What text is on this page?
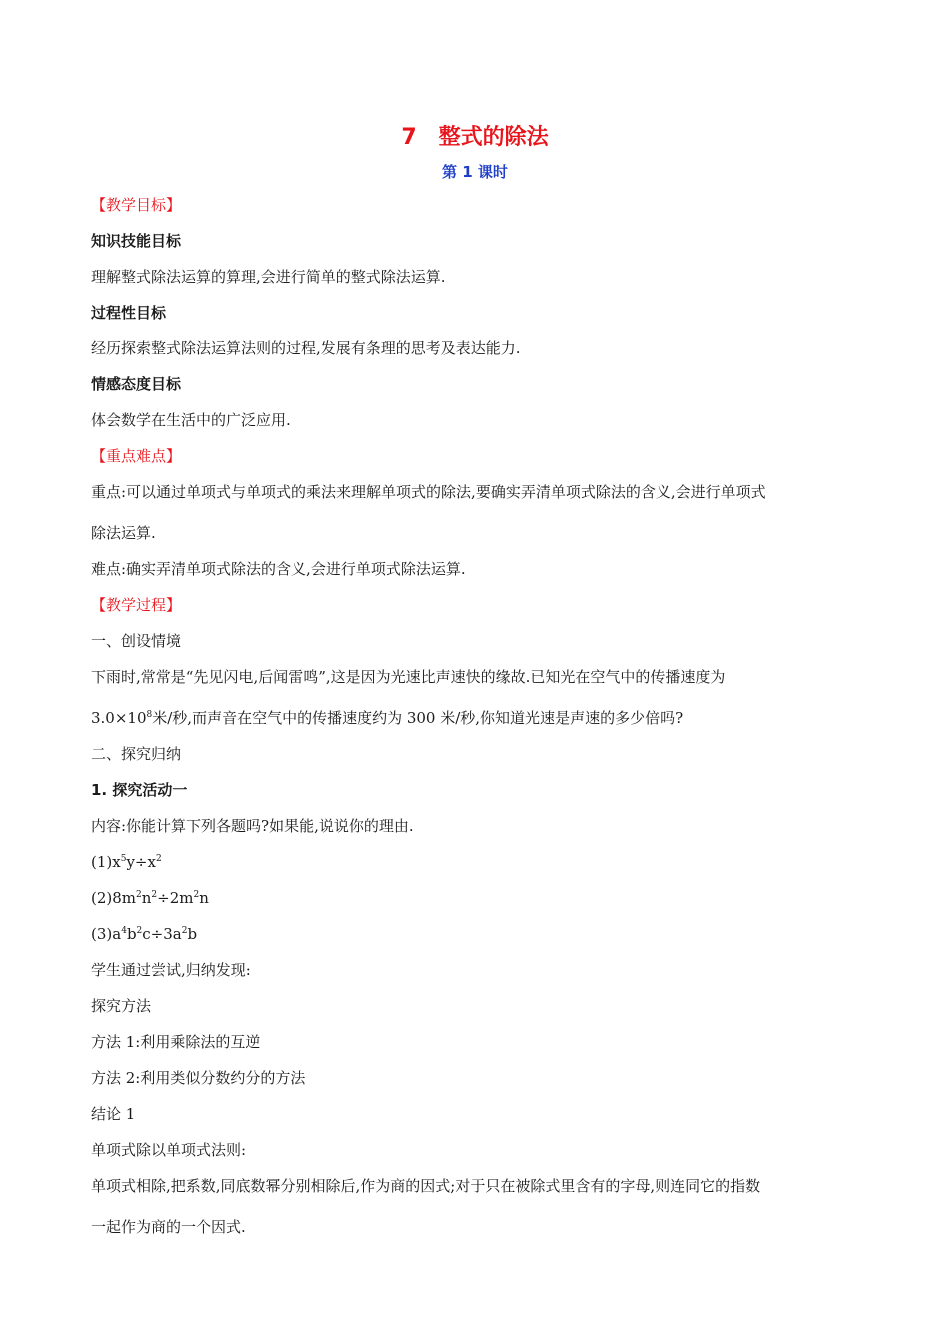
7 整式的除法
第 1 课时
【教学目标】
知识技能目标
理解整式除法运算的算理,会进行简单的整式除法运算.
过程性目标
经历探索整式除法运算法则的过程,发展有条理的思考及表达能力.
情感态度目标
体会数学在生活中的广泛应用.
【重点难点】
重点:可以通过单项式与单项式的乘法来理解单项式的除法,要确实弄清单项式除法的含义,会进行单项式
除法运算.
难点:确实弄清单项式除法的含义,会进行单项式除法运算.
【教学过程】
一、创设情境
下雨时,常常是“先见闪电,后闻雷鸣”,这是因为光速比声速快的缘故.已知光在空气中的传播速度为
$3.0\times 10^8$米/秒,而声音在空气中的传播速度约为 300 米/秒,你知道光速是声速的多少倍吗?
二、探究归纳
1. 探究活动一
内容:你能计算下列各题吗?如果能,说说你的理由.
$(1)x^5y\div x^2$
$(2)8m^2n^2\div 2m^2n$
$(3)a^4b^2c\div 3a^2b$
学生通过尝试,归纳发现:
探究方法
方法 1:利用乘除法的互逆
方法 2:利用类似分数约分的方法
结论 1
单项式除以单项式法则:
单项式相除,把系数,同底数幂分别相除后,作为商的因式;对于只在被除式里含有的字母,则连同它的指数
一起作为商的一个因式.
